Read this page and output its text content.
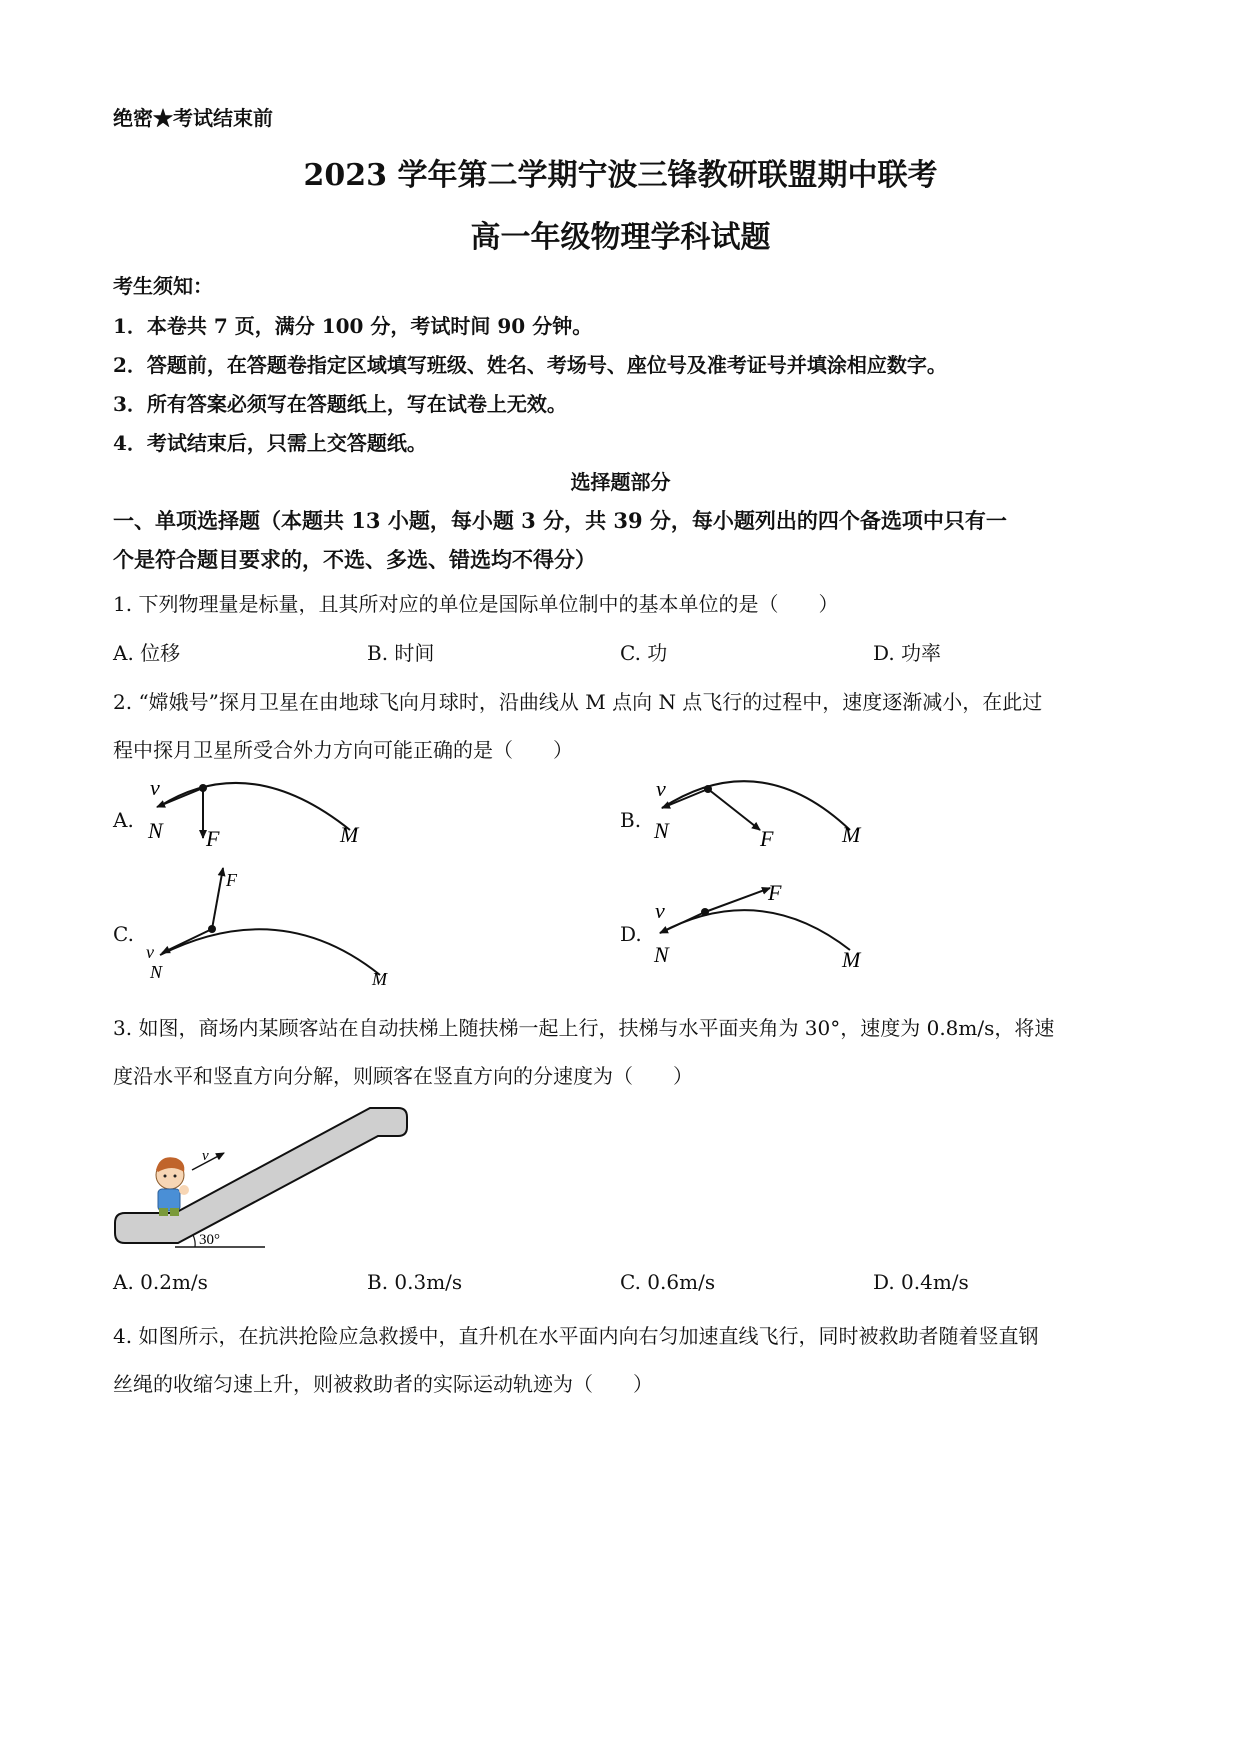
绝密★考试结束前
2023 学年第二学期宁波三锋教研联盟期中联考
高一年级物理学科试题
考生须知：
1．本卷共 7 页，满分 100 分，考试时间 90 分钟。
2．答题前，在答题卷指定区域填写班级、姓名、考场号、座位号及准考证号并填涂相应数字。
3．所有答案必须写在答题纸上，写在试卷上无效。
4．考试结束后，只需上交答题纸。
选择题部分
一、单项选择题（本题共 13 小题，每小题 3 分，共 39 分，每小题列出的四个备选项中只有一
个是符合题目要求的，不选、多选、错选均不得分）
1. 下列物理量是标量，且其所对应的单位是国际单位制中的基本单位的是（　　）
A. 位移	B. 时间	C. 功	D. 功率
2. “嫦娥号”探月卫星在由地球飞向月球时，沿曲线从 M 点向 N 点飞行的过程中，速度逐渐减小，在此过
程中探月卫星所受合外力方向可能正确的是（　　）
A.	B.
C.	D.
v
N F	M
v
N	F	M
v
N
F
M
v
N
F
M
30°
v
3. 如图，商场内某顾客站在自动扶梯上随扶梯一起上行，扶梯与水平面夹角为 30°，速度为 0.8m/s，将速
度沿水平和竖直方向分解，则顾客在竖直方向的分速度为（　　）
A. 0.2m/s	B. 0.3m/s	C. 0.6m/s	D. 0.4m/s
4. 如图所示，在抗洪抢险应急救援中，直升机在水平面内向右匀加速直线飞行，同时被救助者随着竖直钢
丝绳的收缩匀速上升，则被救助者的实际运动轨迹为（　　）
